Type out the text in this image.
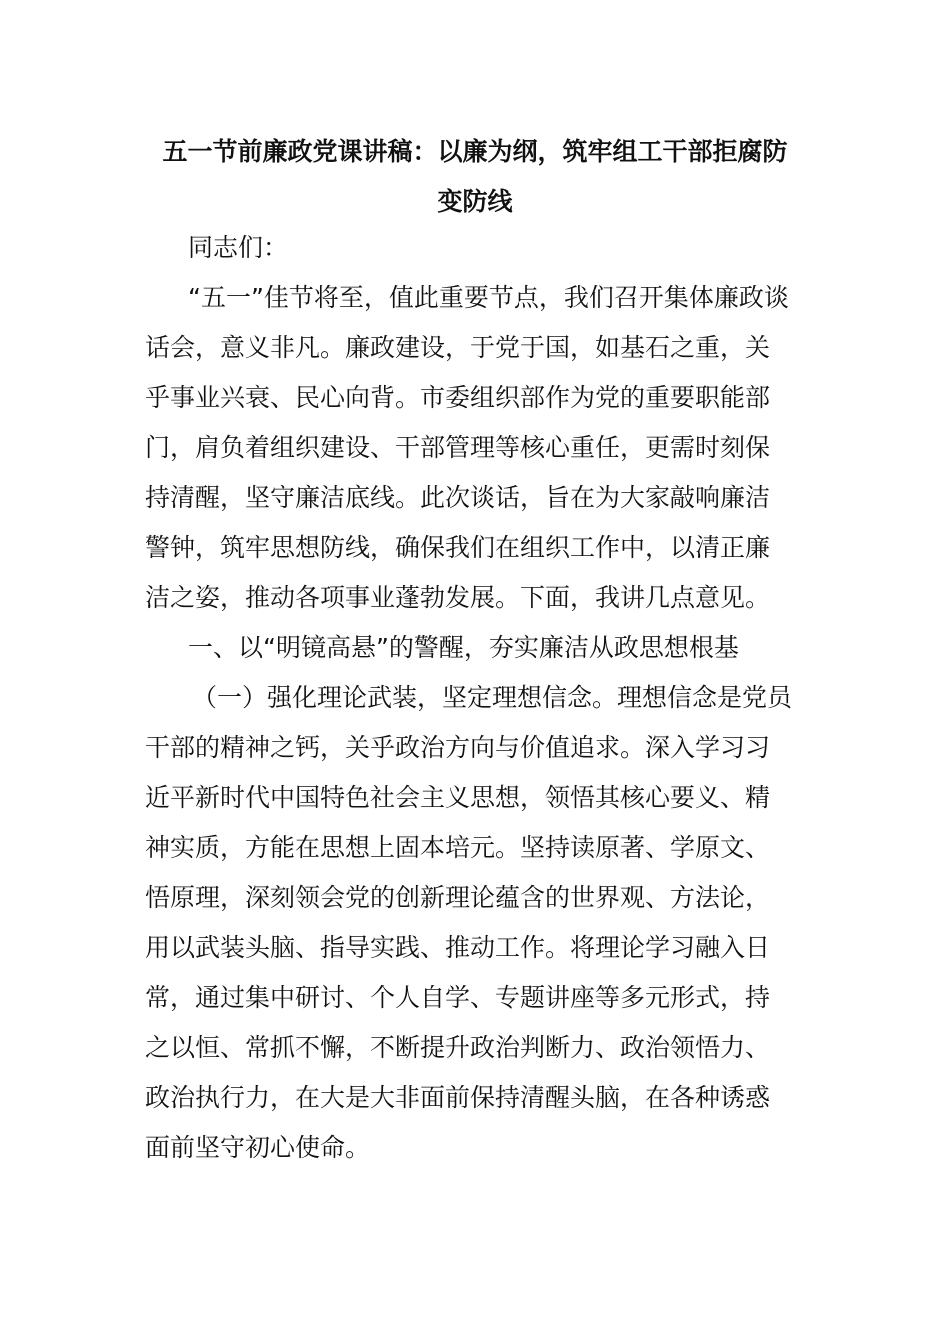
五一节前廉政党课讲稿：以廉为纲，筑牢组工干部拒腐防
变防线
同志们：
“五一”佳节将至，值此重要节点，我们召开集体廉政谈
话会，意义非凡。廉政建设，于党于国，如基石之重，关
乎事业兴衰、民心向背。市委组织部作为党的重要职能部
门，肩负着组织建设、干部管理等核心重任，更需时刻保
持清醒，坚守廉洁底线。此次谈话，旨在为大家敲响廉洁
警钟，筑牢思想防线，确保我们在组织工作中，以清正廉
洁之姿，推动各项事业蓬勃发展。下面，我讲几点意见。
一、以“明镜高悬”的警醒，夯实廉洁从政思想根基
（一）强化理论武装，坚定理想信念。理想信念是党员
干部的精神之钙，关乎政治方向与价值追求。深入学习习
近平新时代中国特色社会主义思想，领悟其核心要义、精
神实质，方能在思想上固本培元。坚持读原著、学原文、
悟原理，深刻领会党的创新理论蕴含的世界观、方法论，
用以武装头脑、指导实践、推动工作。将理论学习融入日
常，通过集中研讨、个人自学、专题讲座等多元形式，持
之以恒、常抓不懈，不断提升政治判断力、政治领悟力、
政治执行力，在大是大非面前保持清醒头脑，在各种诱惑
面前坚守初心使命。
